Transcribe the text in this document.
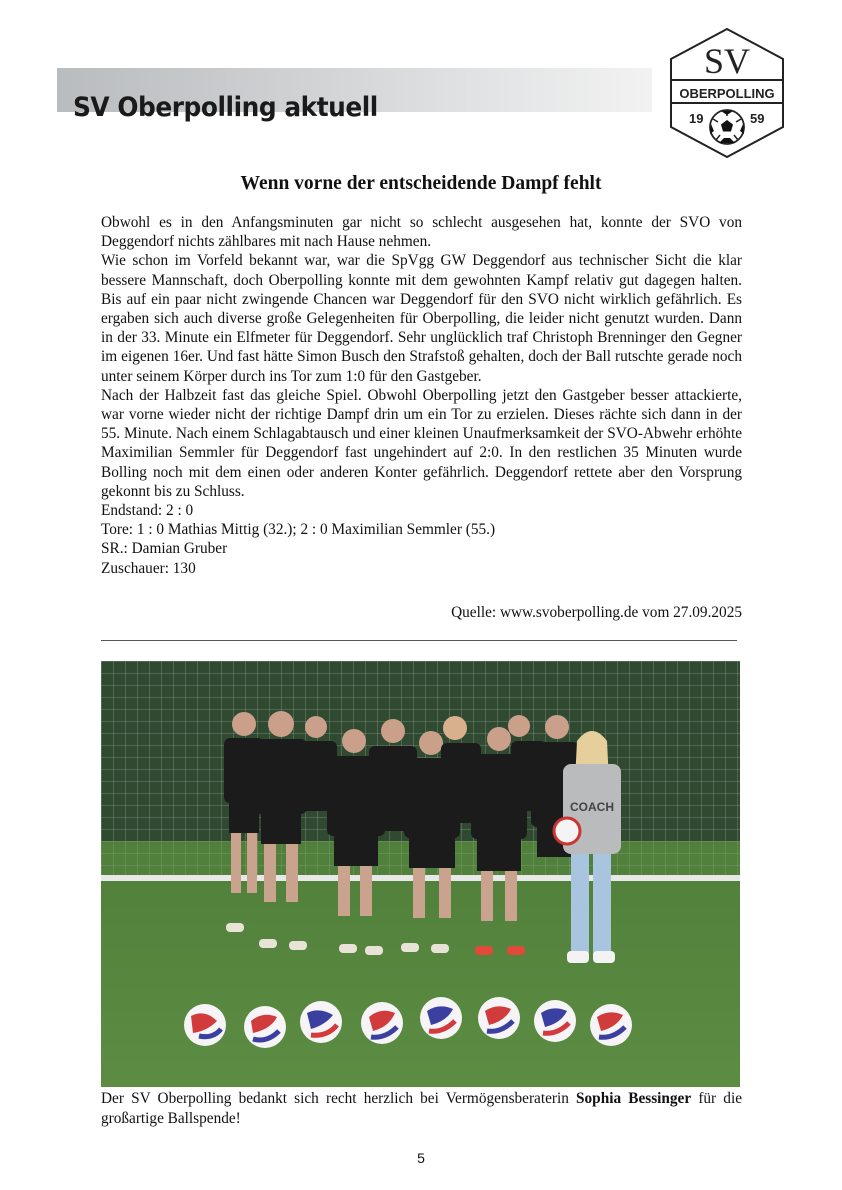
SV Oberpolling aktuell
SV
OBERPOLLING
19	59
Wenn vorne der entscheidende Dampf fehlt

Obwohl es in den Anfangsminuten gar nicht so schlecht ausgesehen hat, konnte der SVO von Deggendorf nichts zählbares mit nach Hause nehmen.

Wie schon im Vorfeld bekannt war, war die SpVgg GW Deggendorf aus technischer Sicht die klar bessere Mannschaft, doch Oberpolling konnte mit dem gewohnten Kampf relativ gut dagegen halten. Bis auf ein paar nicht zwingende Chancen war Deggendorf für den SVO nicht wirklich gefährlich. Es ergaben sich auch diverse große Gelegenheiten für Oberpolling, die leider nicht genutzt wurden. Dann in der 33. Minute ein Elfmeter für Deggendorf. Sehr unglücklich traf Christoph Brenninger den Gegner im eigenen 16er. Und fast hätte Simon Busch den Strafstoß gehalten, doch der Ball rutschte gerade noch unter seinem Körper durch ins Tor zum 1:0 für den Gastgeber.

Nach der Halbzeit fast das gleiche Spiel. Obwohl Oberpolling jetzt den Gastgeber besser attackierte, war vorne wieder nicht der richtige Dampf drin um ein Tor zu erzielen. Dieses rächte sich dann in der 55. Minute. Nach einem Schlagabtausch und einer kleinen Unaufmerksamkeit der SVO-Abwehr erhöhte Maximilian Semmler für Deggendorf fast ungehindert auf 2:0. In den restlichen 35 Minuten wurde Bolling noch mit dem einen oder anderen Konter gefährlich. Deggendorf rettete aber den Vorsprung gekonnt bis zu Schluss.

Endstand: 2 : 0
Tore: 1 : 0 Mathias Mittig (32.); 2 : 0 Maximilian Semmler (55.)
SR.: Damian Gruber
Zuschauer: 130
Quelle: www.svoberpolling.de vom 27.09.2025
COACH
Der SV Oberpolling bedankt sich recht herzlich bei Vermögensberaterin Sophia Bessinger für die großartige Ballspende!
5
